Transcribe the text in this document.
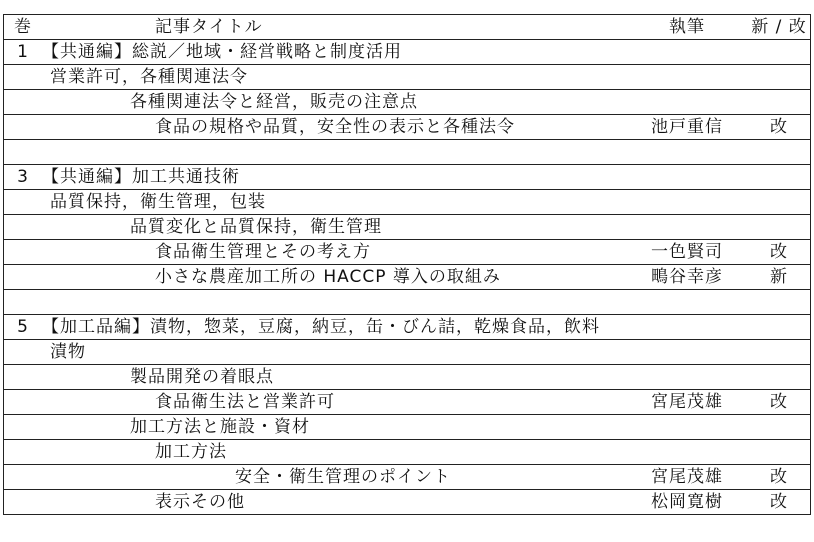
巻	記事タイトル	執筆	新 / 改
1 【共通編】総説／地域・経営戦略と制度活用
営業許可，各種関連法令
各種関連法令と経営，販売の注意点
食品の規格や品質，安全性の表示と各種法令	池戸重信	改
3 【共通編】加工共通技術
品質保持，衛生管理，包装
品質変化と品質保持，衛生管理
食品衛生管理とその考え方	一色賢司	改
小さな農産加工所の HACCP 導入の取組み	鴫谷幸彦	新
5 【加工品編】漬物，惣菜，豆腐，納豆，缶・びん詰，乾燥食品，飲料
漬物
製品開発の着眼点
食品衛生法と営業許可	宮尾茂雄	改
加工方法と施設・資材
加工方法
安全・衛生管理のポイント	宮尾茂雄	改
表示その他	松岡寛樹	改
